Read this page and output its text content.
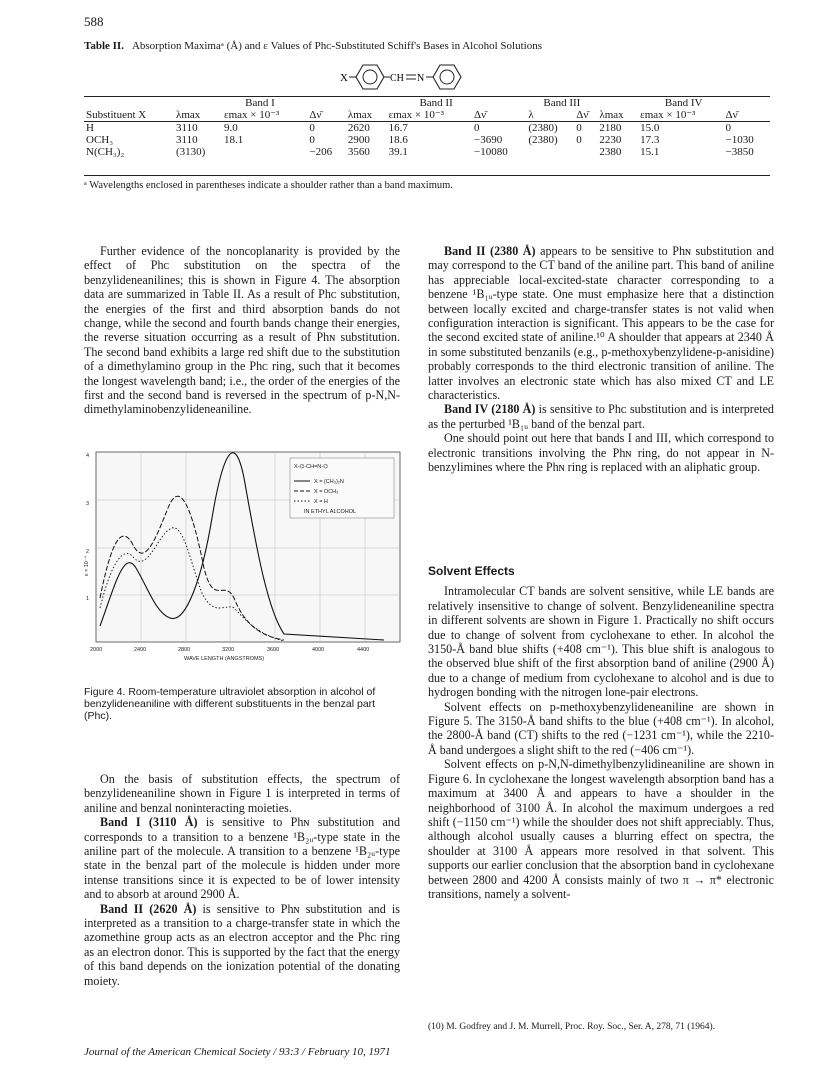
588
Table II. Absorption Maximaᵃ (Å) and ε Values of Phᴄ-Substituted Schiff's Bases in Alcohol Solutions
X	CH N
	Band I			Band II			Band III		Band IV		
Substituent X	λmax	εmax × 10⁻³	Δν̄	λmax	εmax × 10⁻³	Δν̄	λ	Δν̄	λmax	εmax × 10⁻³	Δν̄
H	3110	9.0	0	2620	16.7	0	(2380)	0	2180	15.0	0
OCH₃	3110	18.1	0	2900	18.6	−3690	(2380)	0	2230	17.3	−1030
N(CH₃)₂	(3130)		−206	3560	39.1	−10080			2380	15.1	−3850
ᵃ Wavelengths enclosed in parentheses indicate a shoulder rather than a band maximum.

Further evidence of the noncoplanarity is provided by the effect of Phᴄ substitution on the spectra of the benzylideneanilines; this is shown in Figure 4. The absorption data are summarized in Table II. As a result of Phᴄ substitution, the energies of the first and third absorption bands do not change, while the second and fourth bands change their energies, the reverse situation occurring as a result of Phɴ substitution. The second band exhibits a large red shift due to the substitution of a dimethylamino group in the Phᴄ ring, such that it becomes the longest wavelength band; i.e., the order of the energies of the first and the second band is reversed in the spectrum of p-N,N-dimethylaminobenzylideneaniline.

4
3
2
1
ε × 10⁻⁴
2000	2400	2800	3200	3600	4000	4400
WAVE LENGTH (ANGSTROMS)
X-⌬-CH=N-⌬
X = (CH₃)₂N
X = OCH₃
X = H
IN ETHYL ALCOHOL
Figure 4. Room-temperature ultraviolet absorption in alcohol of benzylideneaniline with different substituents in the benzal part (Phᴄ).

On the basis of substitution effects, the spectrum of benzylideneaniline shown in Figure 1 is interpreted in terms of aniline and benzal noninteracting moieties.

Band I (3110 Å) is sensitive to Phɴ substitution and corresponds to a transition to a benzene ¹B₂ᵤ-type state in the aniline part of the molecule. A transition to a benzene ¹B₂ᵤ-type state in the benzal part of the molecule is hidden under more intense transitions since it is expected to be of lower intensity and to absorb at around 2900 Å.

Band II (2620 Å) is sensitive to Phɴ substitution and is interpreted as a transition to a charge-transfer state in which the azomethine group acts as an electron acceptor and the Phᴄ ring as an electron donor. This is supported by the fact that the energy of this band depends on the ionization potential of the donating moiety.

Band II (2380 Å) appears to be sensitive to Phɴ substitution and may correspond to the CT band of the aniline part. This band of aniline has appreciable local-excited-state character corresponding to a benzene ¹B₁ᵤ-type state. One must emphasize here that a distinction between locally excited and charge-transfer states is not valid when configuration interaction is significant. This appears to be the case for the second excited state of aniline.¹⁰ A shoulder that appears at 2340 Å in some substituted benzanils (e.g., p-methoxybenzylidene-p-anisidine) probably corresponds to the third electronic transition of aniline. The latter involves an electronic state which has also mixed CT and LE characteristics.

Band IV (2180 Å) is sensitive to Phᴄ substitution and is interpreted as the perturbed ¹B₁ᵤ band of the benzal part.

One should point out here that bands I and III, which correspond to electronic transitions involving the Phɴ ring, do not appear in N-benzylimines where the Phɴ ring is replaced with an aliphatic group.

Solvent Effects

Intramolecular CT bands are solvent sensitive, while LE bands are relatively insensitive to change of solvent. Benzylideneaniline spectra in different solvents are shown in Figure 1. Practically no shift occurs due to change of solvent from cyclohexane to ether. In alcohol the 3150-Å band blue shifts (+408 cm⁻¹). This blue shift is analogous to the observed blue shift of the first absorption band of aniline (2900 Å) due to a change of medium from cyclohexane to alcohol and is due to hydrogen bonding with the nitrogen lone-pair electrons.

Solvent effects on p-methoxybenzylideneaniline are shown in Figure 5. The 3150-Å band shifts to the blue (+408 cm⁻¹). In alcohol, the 2800-Å band (CT) shifts to the red (−1231 cm⁻¹), while the 2210-Å band undergoes a slight shift to the red (−406 cm⁻¹).

Solvent effects on p-N,N-dimethylbenzylidineaniline are shown in Figure 6. In cyclohexane the longest wavelength absorption band has a maximum at 3400 Å and appears to have a shoulder in the neighborhood of 3100 Å. In alcohol the maximum undergoes a red shift (−1150 cm⁻¹) while the shoulder does not shift appreciably. Thus, although alcohol usually causes a blurring effect on spectra, the shoulder at 3100 Å appears more resolved in that solvent. This supports our earlier conclusion that the absorption band in cyclohexane between 2800 and 4200 Å consists mainly of two π → π* electronic transitions, namely a solvent-

(10) M. Godfrey and J. M. Murrell, Proc. Roy. Soc., Ser. A, 278, 71 (1964).
Journal of the American Chemical Society / 93:3 / February 10, 1971
